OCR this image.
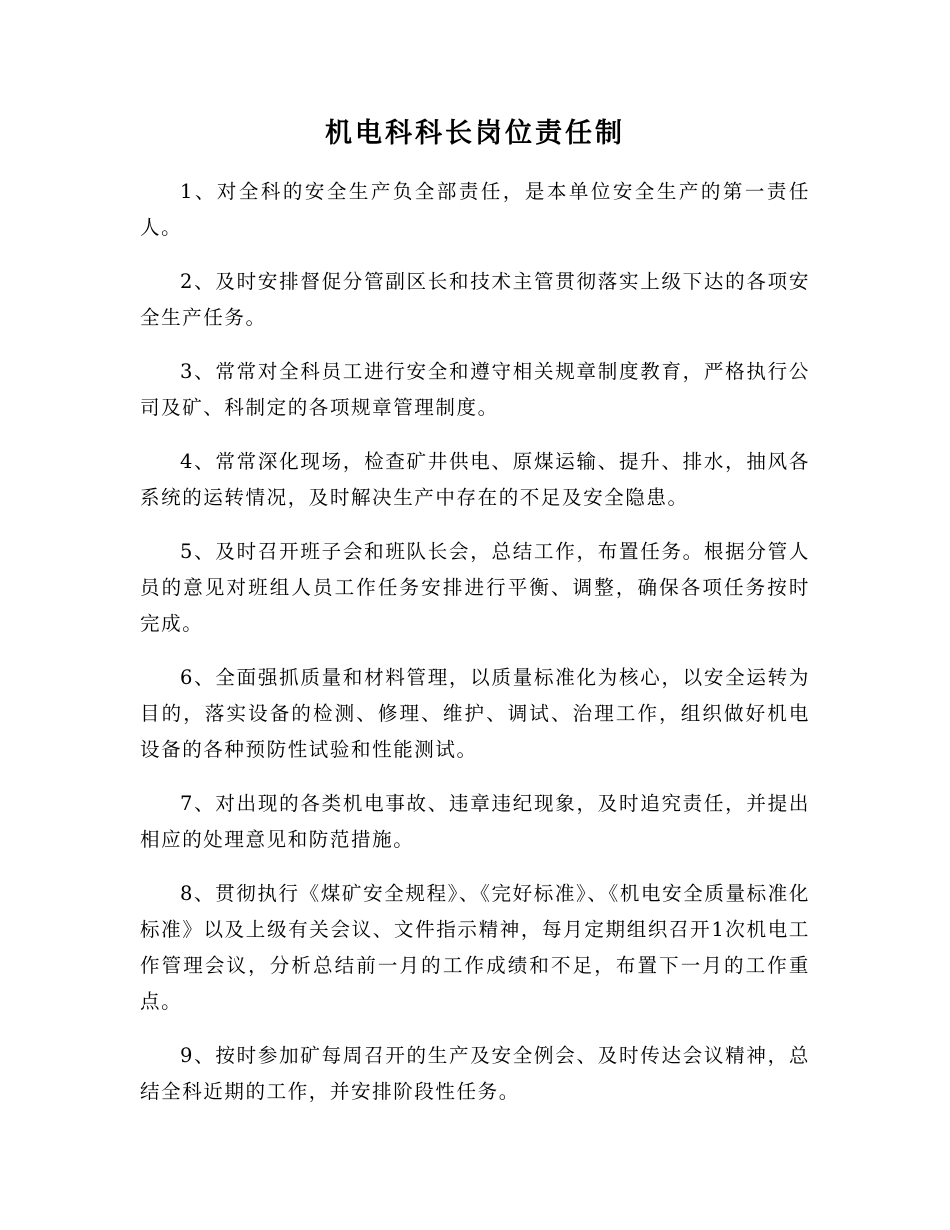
机电科科长岗位责任制

1、对全科的安全生产负全部责任，是本单位安全生产的第一责任人。

2、及时安排督促分管副区长和技术主管贯彻落实上级下达的各项安全生产任务。

3、常常对全科员工进行安全和遵守相关规章制度教育，严格执行公司及矿、科制定的各项规章管理制度。

4、常常深化现场，检查矿井供电、原煤运输、提升、排水，抽风各系统的运转情况，及时解决生产中存在的不足及安全隐患。

5、及时召开班子会和班队长会，总结工作，布置任务。根据分管人员的意见对班组人员工作任务安排进行平衡、调整，确保各项任务按时完成。

6、全面强抓质量和材料管理，以质量标准化为核心，以安全运转为目的，落实设备的检测、修理、维护、调试、治理工作，组织做好机电设备的各种预防性试验和性能测试。

7、对出现的各类机电事故、违章违纪现象，及时追究责任，并提出相应的处理意见和防范措施。

8、贯彻执行《煤矿安全规程》、《完好标准》、《机电安全质量标准化标准》以及上级有关会议、文件指示精神，每月定期组织召开1次机电工作管理会议，分析总结前一月的工作成绩和不足，布置下一月的工作重点。

9、按时参加矿每周召开的生产及安全例会、及时传达会议精神，总结全科近期的工作，并安排阶段性任务。
